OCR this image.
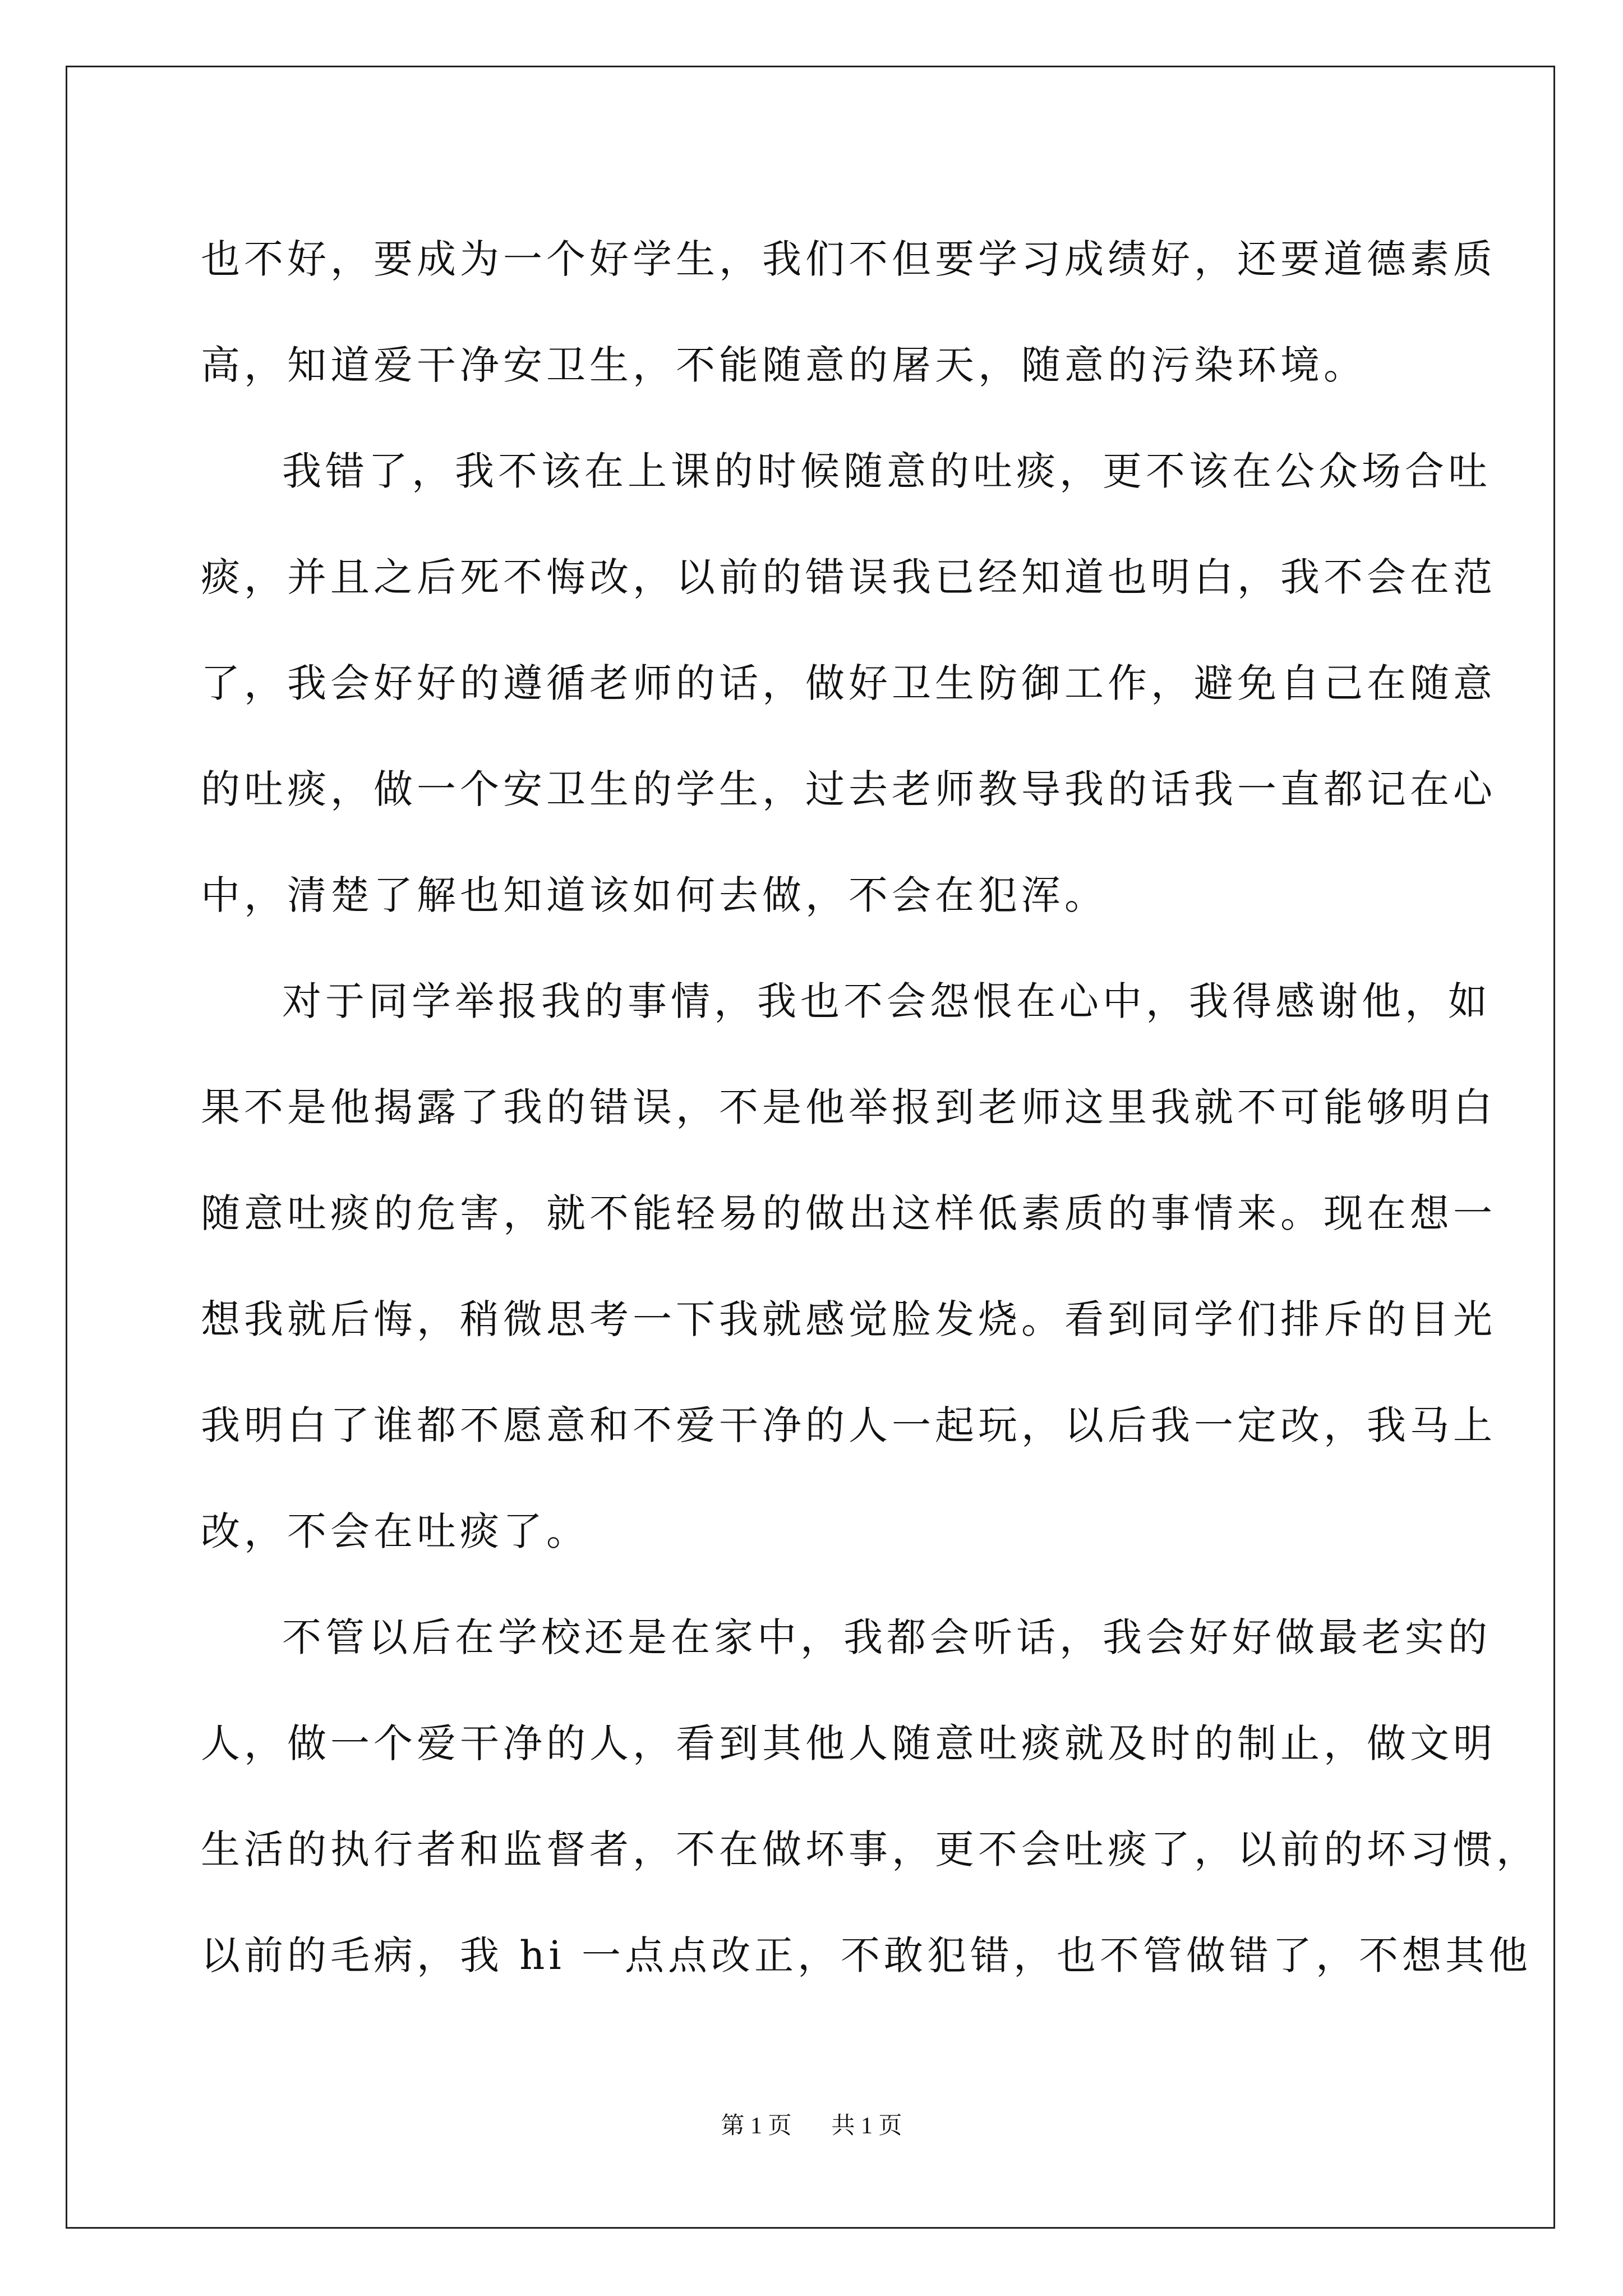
也不好，要成为一个好学生，我们不但要学习成绩好，还要道德素质
高，知道爱干净安卫生，不能随意的屠天，随意的污染环境。
我错了，我不该在上课的时候随意的吐痰，更不该在公众场合吐
痰，并且之后死不悔改，以前的错误我已经知道也明白，我不会在范
了，我会好好的遵循老师的话，做好卫生防御工作，避免自己在随意
的吐痰，做一个安卫生的学生，过去老师教导我的话我一直都记在心
中，清楚了解也知道该如何去做，不会在犯浑。
对于同学举报我的事情，我也不会怨恨在心中，我得感谢他，如
果不是他揭露了我的错误，不是他举报到老师这里我就不可能够明白
随意吐痰的危害，就不能轻易的做出这样低素质的事情来。现在想一
想我就后悔，稍微思考一下我就感觉脸发烧。看到同学们排斥的目光
我明白了谁都不愿意和不爱干净的人一起玩，以后我一定改，我马上
改，不会在吐痰了。
不管以后在学校还是在家中，我都会听话，我会好好做最老实的
人，做一个爱干净的人，看到其他人随意吐痰就及时的制止，做文明
生活的执行者和监督者，不在做坏事，更不会吐痰了，以前的坏习惯，
以前的毛病，我 hi 一点点改正，不敢犯错，也不管做错了，不想其他
第 1 页 共 1 页
